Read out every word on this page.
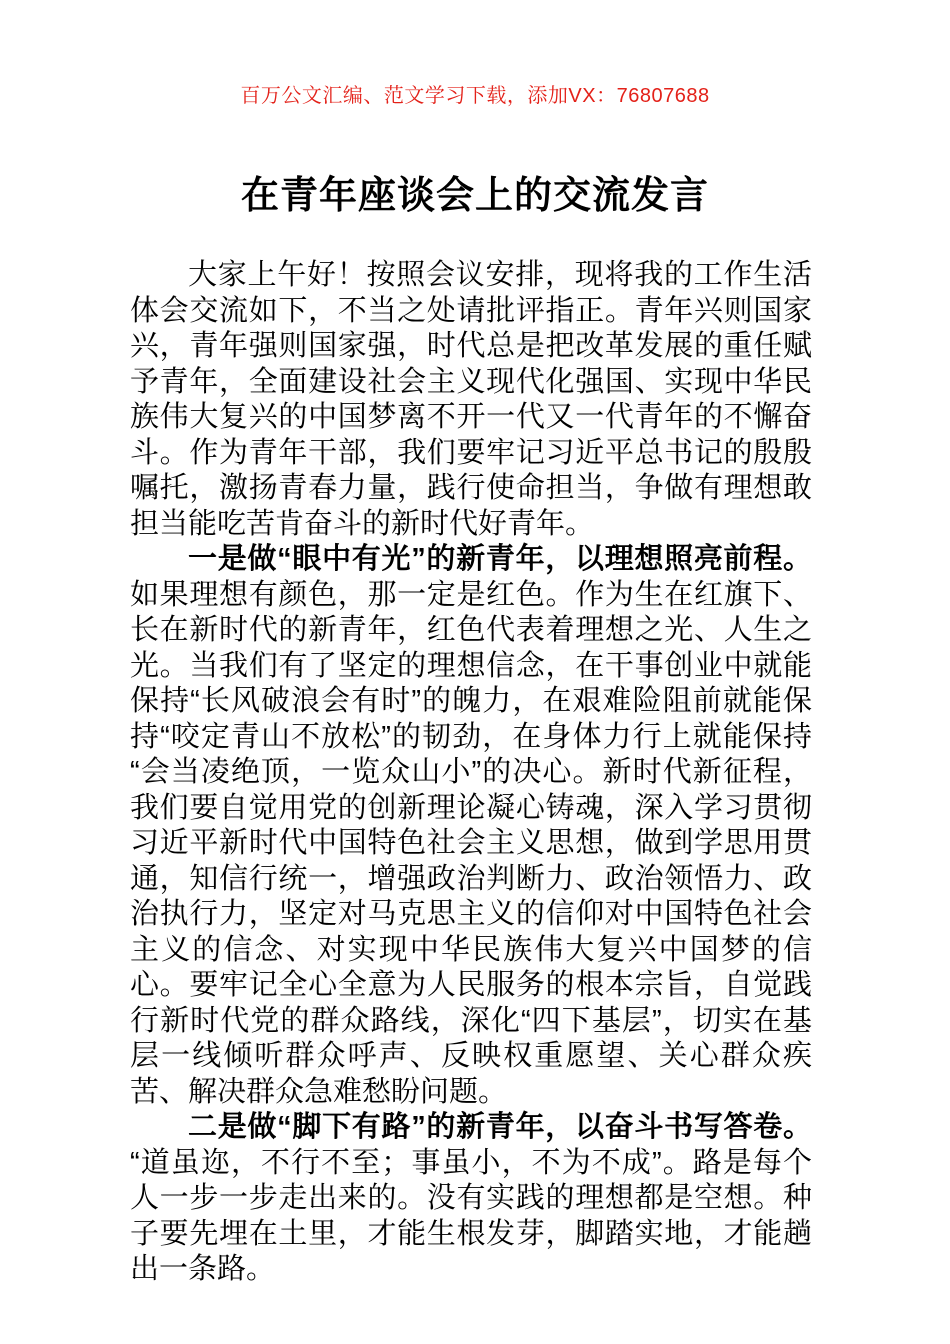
百万公文汇编、范文学习下载，添加VX：76807688
在青年座谈会上的交流发言

大家上午好！按照会议安排，现将我的工作生活体会交流如下，不当之处请批评指正。青年兴则国家兴，青年强则国家强，时代总是把改革发展的重任赋予青年，全面建设社会主义现代化强国、实现中华民族伟大复兴的中国梦离不开一代又一代青年的不懈奋斗。作为青年干部，我们要牢记习近平总书记的殷殷嘱托，激扬青春力量，践行使命担当，争做有理想敢担当能吃苦肯奋斗的新时代好青年。

一是做“眼中有光”的新青年，以理想照亮前程。如果理想有颜色，那一定是红色。作为生在红旗下、长在新时代的新青年，红色代表着理想之光、人生之光。当我们有了坚定的理想信念，在干事创业中就能保持“长风破浪会有时”的魄力，在艰难险阻前就能保持“咬定青山不放松”的韧劲，在身体力行上就能保持“会当凌绝顶，一览众山小”的决心。新时代新征程，我们要自觉用党的创新理论凝心铸魂，深入学习贯彻习近平新时代中国特色社会主义思想，做到学思用贯通，知信行统一，增强政治判断力、政治领悟力、政治执行力，坚定对马克思主义的信仰对中国特色社会主义的信念、对实现中华民族伟大复兴中国梦的信心。要牢记全心全意为人民服务的根本宗旨，自觉践行新时代党的群众路线，深化“四下基层”，切实在基层一线倾听群众呼声、反映权重愿望、关心群众疾苦、解决群众急难愁盼问题。

二是做“脚下有路”的新青年，以奋斗书写答卷。“道虽迩，不行不至；事虽小，不为不成”。路是每个人一步一步走出来的。没有实践的理想都是空想。种子要先埋在土里，才能生根发芽，脚踏实地，才能趟出一条路。
